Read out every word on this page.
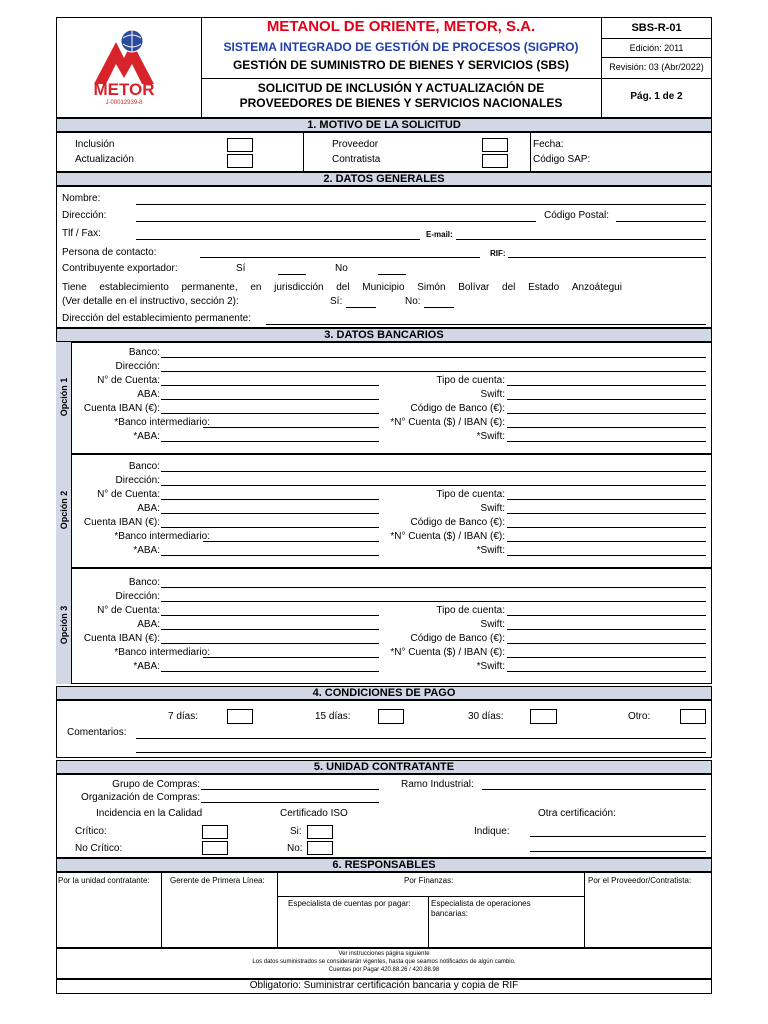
METOR
J-00012939-8
METANOL DE ORIENTE, METOR, S.A.
SISTEMA INTEGRADO DE GESTIÓN DE PROCESOS (SIGPRO)
GESTIÓN DE SUMINISTRO DE BIENES Y SERVICIOS (SBS)
SOLICITUD DE INCLUSIÓN Y ACTUALIZACIÓN DE
PROVEEDORES DE BIENES Y SERVICIOS NACIONALES
SBS-R-01
Edición: 2011
Revisión: 03 (Abr/2022)
Pág. 1 de 2
1. MOTIVO DE LA SOLICITUD
Inclusión
Actualización
Proveedor
Contratista
Fecha:
Código SAP:
2. DATOS GENERALES
Nombre:
Dirección:	Código Postal:
Tlf / Fax:	E-mail:
Persona de contacto:	RIF:
Contribuyente exportador:	Sí	No
Tiene establecimiento permanente, en jurisdicción del Municipio Simón Bolívar del Estado Anzoátegui
(Ver detalle en el instructivo, sección 2):	Sí:	No:
Dirección del establecimiento permanente:
3. DATOS BANCARIOS
Opción 1
Opción 2
Opción 3
Banco:
Dirección:
N° de Cuenta:	Tipo de cuenta:
ABA:	Swift:
Cuenta IBAN (€):	Código de Banco (€):
*Banco intermediario:	*N° Cuenta ($) / IBAN (€):
*ABA:	*Swift:
Banco:
Dirección:
N° de Cuenta:	Tipo de cuenta:
ABA:	Swift:
Cuenta IBAN (€):	Código de Banco (€):
*Banco intermediario:	*N° Cuenta ($) / IBAN (€):
*ABA:	*Swift:
Banco:
Dirección:
N° de Cuenta:	Tipo de cuenta:
ABA:	Swift:
Cuenta IBAN (€):	Código de Banco (€):
*Banco intermediario:	*N° Cuenta ($) / IBAN (€):
*ABA:	*Swift:
4. CONDICIONES DE PAGO
7 días:	15 días:	30 días:	Otro:
Comentarios:
5. UNIDAD CONTRATANTE
Grupo de Compras:
Organización de Compras:
Ramo Industrial:
Incidencia en la Calidad	Certificado ISO	Otra certificación:
Crítico:
No Crítico:
Si:
No:
Indique:
6. RESPONSABLES
Por la unidad contratante:	Gerente de Primera Línea:	Por Finanzas:	Por el Proveedor/Contratista:
Especialista de cuentas por pagar:	Especialista de operaciones
bancarias:
Ver instrucciones página siguiente
Los datos suministrados se considerarán vigentes, hasta que seamos notificados de algún cambio.
Cuentas por Pagar 420.88.26 / 420.88.98
Obligatorio: Suministrar certificación bancaria y copia de RIF
